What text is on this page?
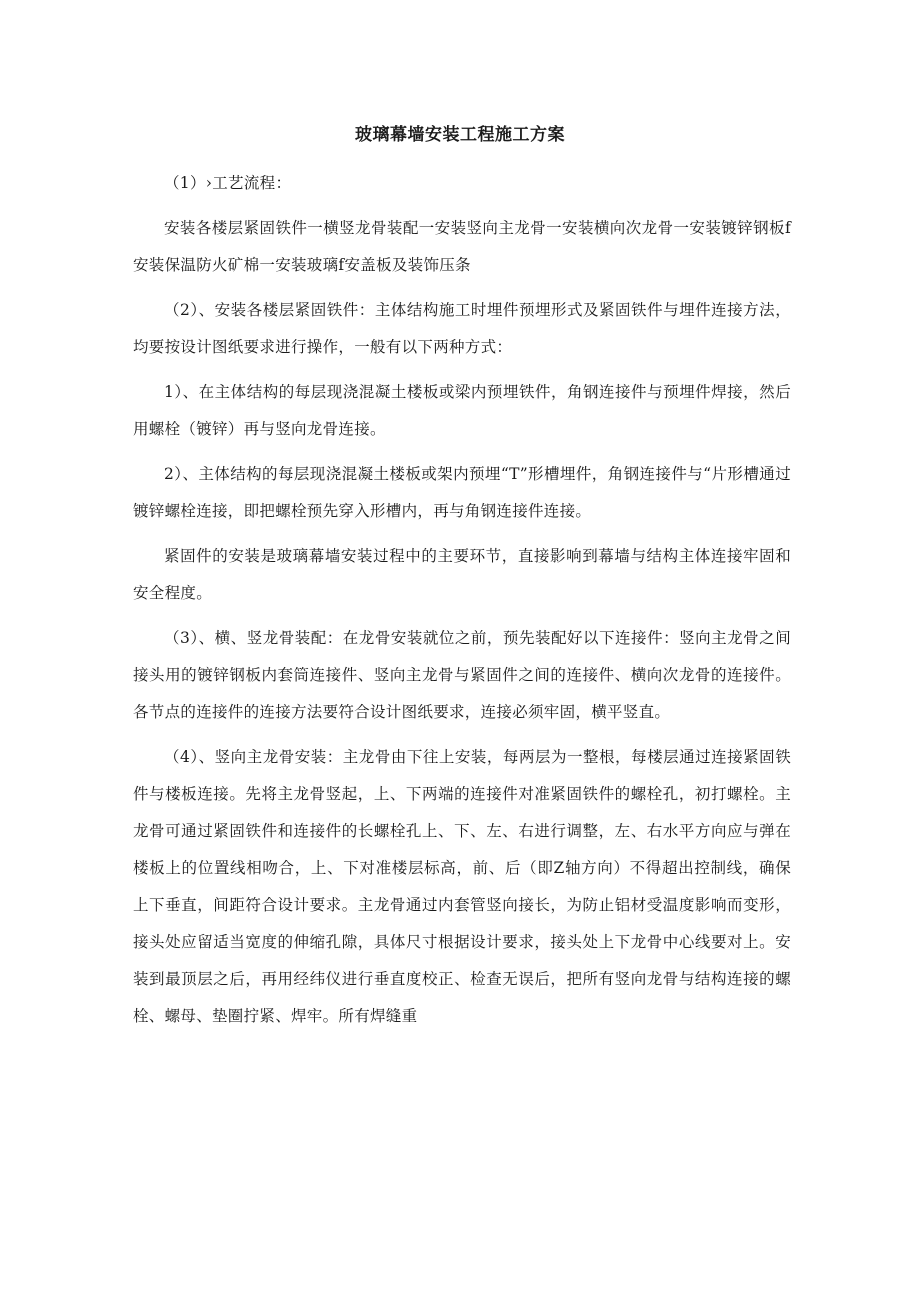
玻璃幕墙安装工程施工方案

（1）›工艺流程：

安装各楼层紧固铁件一横竖龙骨装配一安装竖向主龙骨一安装横向次龙骨一安装镀锌钢板f安装保温防火矿棉一安装玻璃f安盖板及装饰压条

（2）、安装各楼层紧固铁件：主体结构施工时埋件预埋形式及紧固铁件与埋件连接方法，均要按设计图纸要求进行操作，一般有以下两种方式：

1）、在主体结构的每层现浇混凝土楼板或梁内预埋铁件，角钢连接件与预埋件焊接，然后用螺栓（镀锌）再与竖向龙骨连接。

2）、主体结构的每层现浇混凝土楼板或架内预埋“T”形槽埋件，角钢连接件与“片形槽通过镀锌螺栓连接，即把螺栓预先穿入形槽内，再与角钢连接件连接。

紧固件的安装是玻璃幕墙安装过程中的主要环节，直接影响到幕墙与结构主体连接牢固和安全程度。

（3）、横、竖龙骨装配：在龙骨安装就位之前，预先装配好以下连接件：竖向主龙骨之间接头用的镀锌钢板内套筒连接件、竖向主龙骨与紧固件之间的连接件、横向次龙骨的连接件。各节点的连接件的连接方法要符合设计图纸要求，连接必须牢固，横平竖直。

（4）、竖向主龙骨安装：主龙骨由下往上安装，每两层为一整根，每楼层通过连接紧固铁件与楼板连接。先将主龙骨竖起，上、下两端的连接件对准紧固铁件的螺栓孔，初打螺栓。主龙骨可通过紧固铁件和连接件的长螺栓孔上、下、左、右进行调整，左、右水平方向应与弹在楼板上的位置线相吻合，上、下对准楼层标高，前、后（即Z轴方向）不得超出控制线，确保上下垂直，间距符合设计要求。主龙骨通过内套管竖向接长，为防止铝材受温度影响而变形，接头处应留适当宽度的伸缩孔隙，具体尺寸根据设计要求，接头处上下龙骨中心线要对上。安装到最顶层之后，再用经纬仪进行垂直度校正、检查无误后，把所有竖向龙骨与结构连接的螺栓、螺母、垫圈拧紧、焊牢。所有焊缝重
